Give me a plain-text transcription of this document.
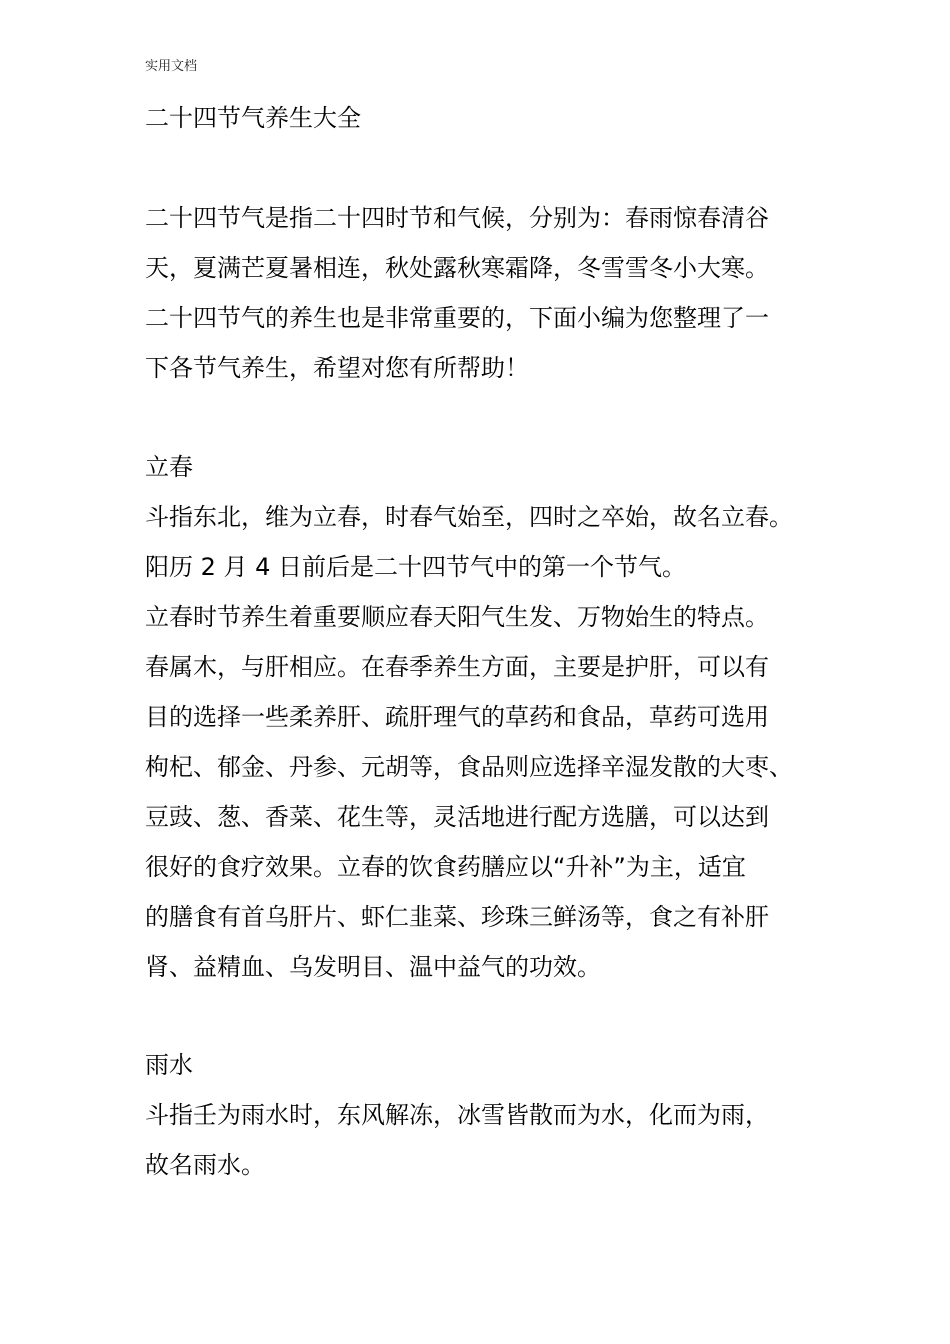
实用文档
二十四节气养生大全
二十四节气是指二十四时节和气候，分别为：春雨惊春清谷
天，夏满芒夏暑相连，秋处露秋寒霜降，冬雪雪冬小大寒。
二十四节气的养生也是非常重要的，下面小编为您整理了一
下各节气养生，希望对您有所帮助！
立春
斗指东北，维为立春，时春气始至，四时之卒始，故名立春。
阳历 2 月 4 日前后是二十四节气中的第一个节气。
立春时节养生着重要顺应春天阳气生发、万物始生的特点。
春属木，与肝相应。在春季养生方面，主要是护肝，可以有
目的选择一些柔养肝、疏肝理气的草药和食品，草药可选用
枸杞、郁金、丹参、元胡等，食品则应选择辛湿发散的大枣、
豆豉、葱、香菜、花生等，灵活地进行配方选膳，可以达到
很好的食疗效果。立春的饮食药膳应以“升补”为主，适宜
的膳食有首乌肝片、虾仁韭菜、珍珠三鲜汤等，食之有补肝
肾、益精血、乌发明目、温中益气的功效。
雨水
斗指壬为雨水时，东风解冻，冰雪皆散而为水，化而为雨，
故名雨水。
